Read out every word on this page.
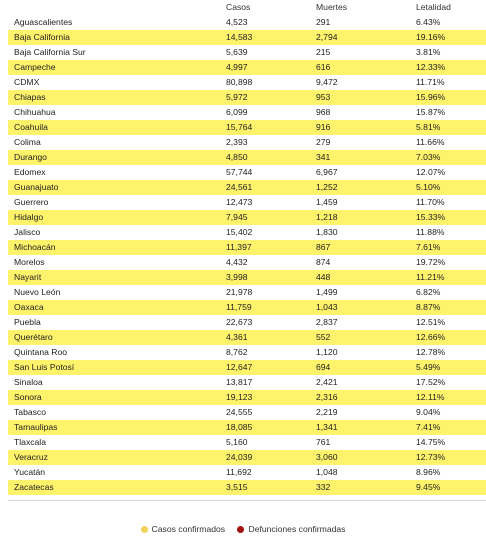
	Casos	Muertes	Letalidad
Aguascalientes	4,523	291	6.43%
Baja California	14,583	2,794	19.16%
Baja California Sur	5,639	215	3.81%
Campeche	4,997	616	12.33%
CDMX	80,898	9,472	11.71%
Chiapas	5,972	953	15.96%
Chihuahua	6,099	968	15.87%
Coahuila	15,764	916	5.81%
Colima	2,393	279	11.66%
Durango	4,850	341	7.03%
Edomex	57,744	6,967	12.07%
Guanajuato	24,561	1,252	5.10%
Guerrero	12,473	1,459	11.70%
Hidalgo	7,945	1,218	15.33%
Jalisco	15,402	1,830	11.88%
Michoacán	11,397	867	7.61%
Morelos	4,432	874	19.72%
Nayarit	3,998	448	11.21%
Nuevo León	21,978	1,499	6.82%
Oaxaca	11,759	1,043	8.87%
Puebla	22,673	2,837	12.51%
Querétaro	4,361	552	12.66%
Quintana Roo	8,762	1,120	12.78%
San Luis Potosí	12,647	694	5.49%
Sinaloa	13,817	2,421	17.52%
Sonora	19,123	2,316	12.11%
Tabasco	24,555	2,219	9.04%
Tamaulipas	18,085	1,341	7.41%
Tlaxcala	5,160	761	14.75%
Veracruz	24,039	3,060	12.73%
Yucatán	11,692	1,048	8.96%
Zacatecas	3,515	332	9.45%
Casos confirmados	Defunciones confirmadas
